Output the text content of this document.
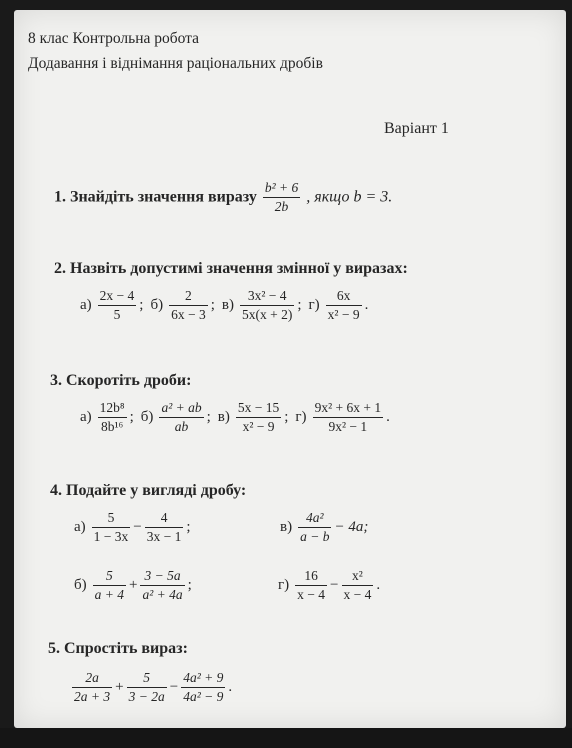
8 клас Контрольна робота
Додавання і віднімання раціональних дробів
Варіант 1
1. Знайдіть значення виразу $\frac{\text{b² + 6}}{2b}$ , якщо b = 3.
2. Назвіть допустимі значення змінної у виразах:
$а) \frac{2x - 4}{5}$ ; $б) \frac{2}{6x - 3}$ ; $в) \frac{\text{3x² − 4}}{5x(x + 2)}$ ; $г) \frac{6x}{\text{x² − 9}}$ .
3. Скоротіть дроби:
$а) \frac{\text{12b⁸}}{\text{8b¹⁶}}$ ; $б) \frac{\text{a² + ab}}{ab}$ ; $в) \frac{5x - 15}{\text{x² − 9}}$ ; $г) \frac{\text{9x² + 6x + 1}}{\text{9x² − 1}}$ .
4. Подайте у вигляді дробу:
$а) \frac{5}{1 - 3x} - \frac{4}{3x - 1}$ ;	$в) \frac{\text{4a²}}{a - b} - 4a$;
$б) \frac{5}{a + 4} + \frac{3 - 5a}{\text{a² + 4a}}$ ;	$г) \frac{16}{x - 4} - \frac{\text{x²}}{x - 4}$ .
5. Спростіть вираз:
$\frac{2a}{2a + 3} + \frac{5}{3 - 2a} - \frac{\text{4a² + 9}}{\text{4a² − 9}}$ .
